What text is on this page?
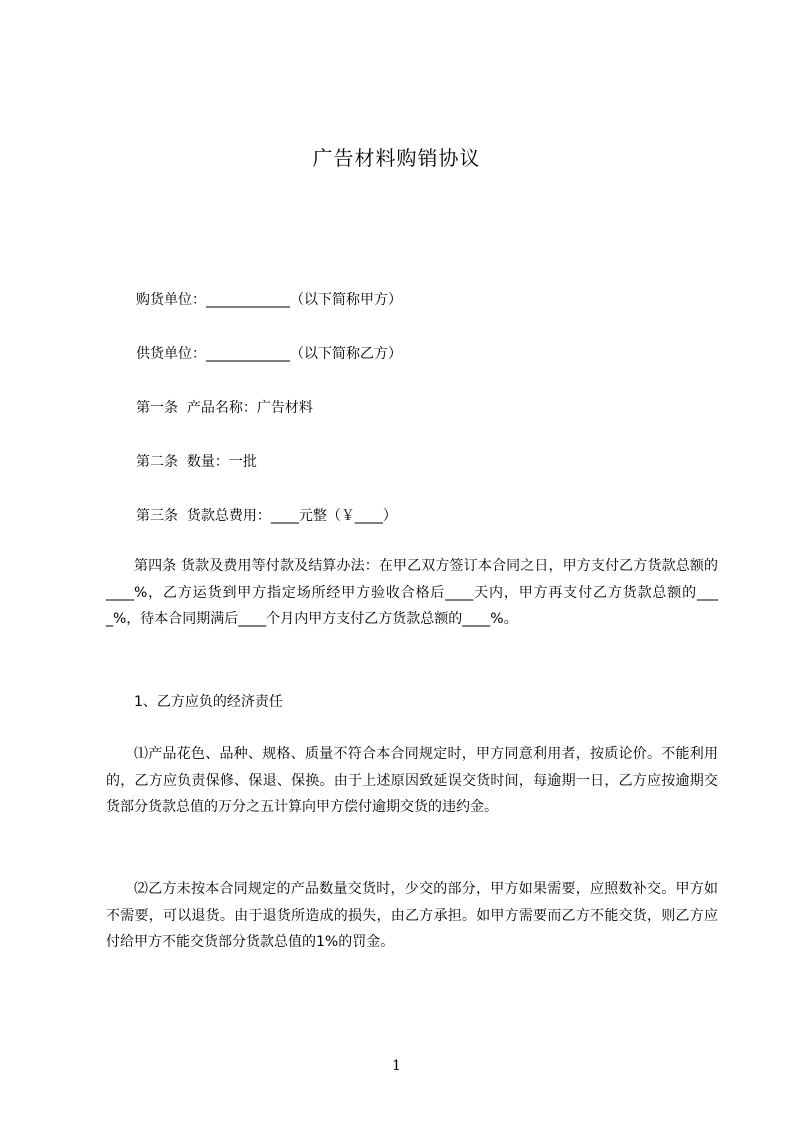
广告材料购销协议
购货单位：____________（以下简称甲方）
供货单位：____________（以下简称乙方）
第一条  产品名称：广告材料
第二条  数量：一批
第三条  货款总费用：____元整（￥____）
第四条 货款及费用等付款及结算办法：在甲乙双方签订本合同之日，甲方支付乙方货款总额的____%，乙方运货到甲方指定场所经甲方验收合格后____天内，甲方再支付乙方货款总额的____%，待本合同期满后____个月内甲方支付乙方货款总额的____%。
1、乙方应负的经济责任
⑴产品花色、品种、规格、质量不符合本合同规定时，甲方同意利用者，按质论价。不能利用的，乙方应负责保修、保退、保换。由于上述原因致延误交货时间，每逾期一日，乙方应按逾期交货部分货款总值的万分之五计算向甲方偿付逾期交货的违约金。
⑵乙方未按本合同规定的产品数量交货时，少交的部分，甲方如果需要，应照数补交。甲方如不需要，可以退货。由于退货所造成的损失，由乙方承担。如甲方需要而乙方不能交货，则乙方应付给甲方不能交货部分货款总值的1%的罚金。
1
